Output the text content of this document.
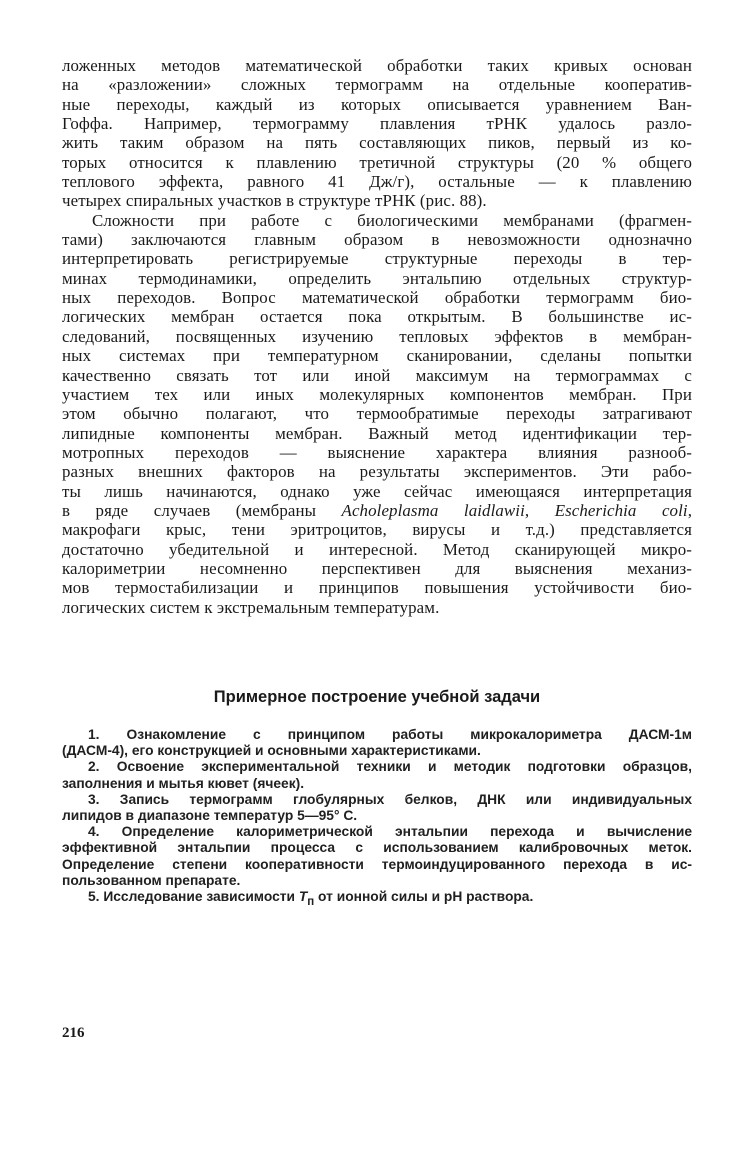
ложенных методов математической обработки таких кривых основан
на «разложении» сложных термограмм на отдельные кооператив-
ные переходы, каждый из которых описывается уравнением Ван-
Гоффа. Например, термограмму плавления тРНК удалось разло-
жить таким образом на пять составляющих пиков, первый из ко-
торых относится к плавлению третичной структуры (20 % общего
теплового эффекта, равного 41 Дж/г), остальные — к плавлению
четырех спиральных участков в структуре тРНК (рис. 88).
Сложности при работе с биологическими мембранами (фрагмен-
тами) заключаются главным образом в невозможности однозначно
интерпретировать регистрируемые структурные переходы в тер-
минах термодинамики, определить энтальпию отдельных структур-
ных переходов. Вопрос математической обработки термограмм био-
логических мембран остается пока открытым. В большинстве ис-
следований, посвященных изучению тепловых эффектов в мембран-
ных системах при температурном сканировании, сделаны попытки
качественно связать тот или иной максимум на термограммах с
участием тех или иных молекулярных компонентов мембран. При
этом обычно полагают, что термообратимые переходы затрагивают
липидные компоненты мембран. Важный метод идентификации тер-
мотропных переходов — выяснение характера влияния разнооб-
разных внешних факторов на результаты экспериментов. Эти рабо-
ты лишь начинаются, однако уже сейчас имеющаяся интерпретация
в ряде случаев (мембраны Acholeplasma laidlawii, Escherichia coli,
макрофаги крыс, тени эритроцитов, вирусы и т.д.) представляется
достаточно убедительной и интересной. Метод сканирующей микро-
калориметрии несомненно перспективен для выяснения механиз-
мов термостабилизации и принципов повышения устойчивости био-
логических систем к экстремальным температурам.
Примерное построение учебной задачи
1. Ознакомление с принципом работы микрокалориметра ДАСМ-1м
(ДАСМ-4), его конструкцией и основными характеристиками.
2. Освоение экспериментальной техники и методик подготовки образцов,
заполнения и мытья кювет (ячеек).
3. Запись термограмм глобулярных белков, ДНК или индивидуальных
липидов в диапазоне температур 5—95° С.
4. Определение калориметрической энтальпии перехода и вычисление
эффективной энтальпии процесса с использованием калибровочных меток.
Определение степени кооперативности термоиндуцированного перехода в ис-
пользованном препарате.
5. Исследование зависимости $T_п$ от ионной силы и pH раствора.
216
